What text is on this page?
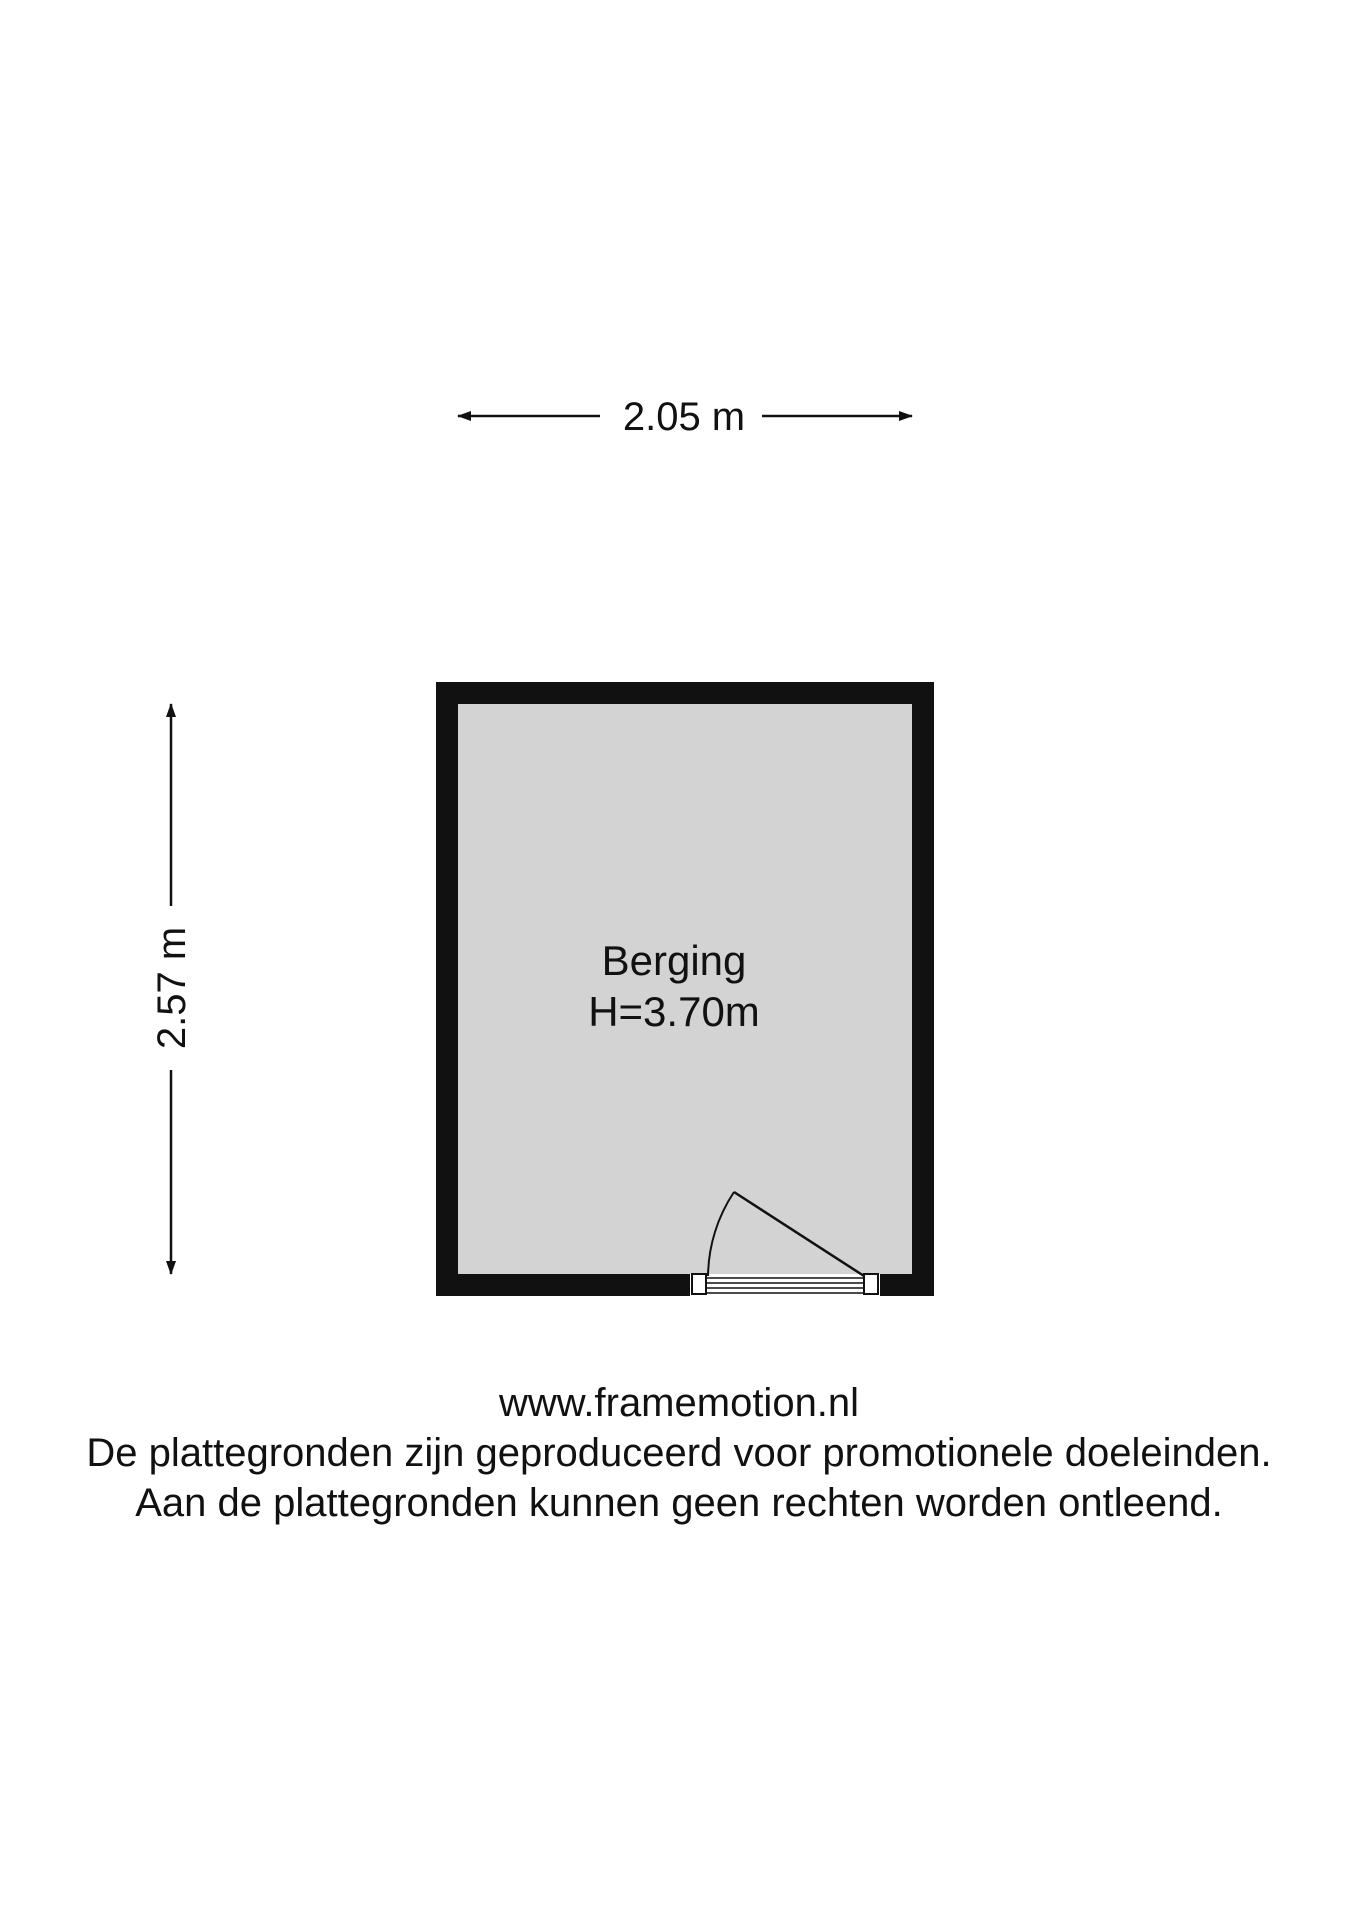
2.05 m
2.57 m	Berging
H=3.70m
www.framemotion.nl
De plattegronden zijn geproduceerd voor promotionele doeleinden.
Aan de plattegronden kunnen geen rechten worden ontleend.
